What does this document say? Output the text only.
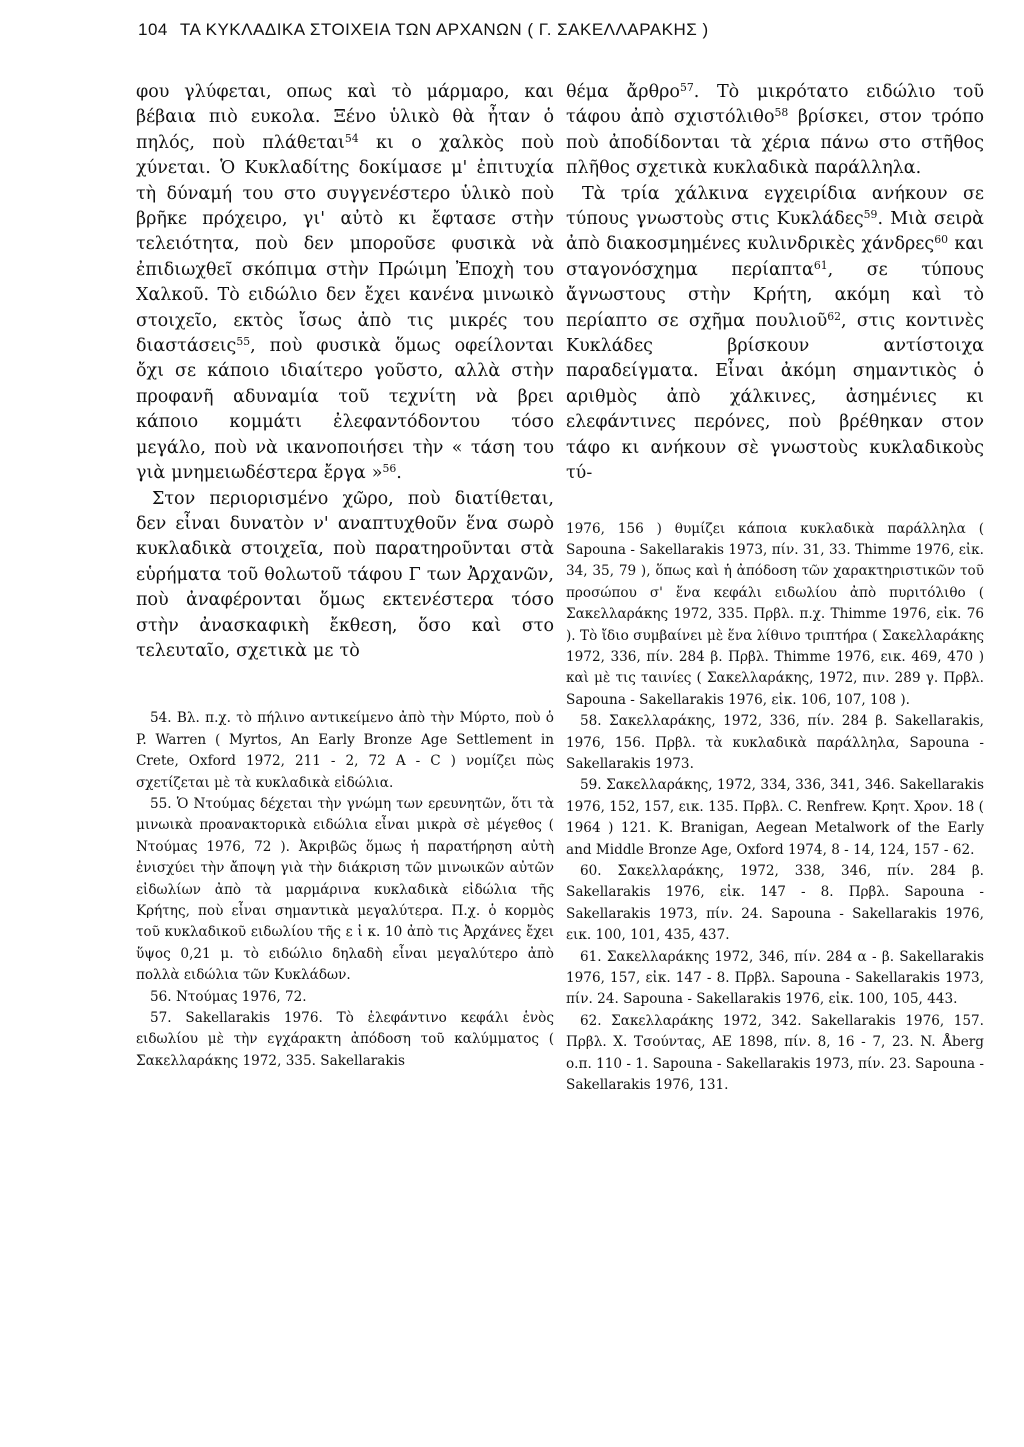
104 ΤΑ ΚΥΚΛΑΔΙΚΑ ΣΤΟΙΧΕΙΑ ΤΩΝ ΑΡΧΑΝΩΝ ( Γ. ΣΑΚΕΛΛΑΡΑΚΗΣ )

φου γλύφεται, οπως καὶ τὸ μάρμαρο, και βέβαια πιὸ ευκολα. Ξένο ὑλικὸ θὰ ἦταν ὁ πηλός, ποὺ πλάθεται$^{54}$ κι ο χαλκὸς ποὺ χύνεται. Ὁ Κυκλαδίτης δοκίμασε μ' ἐπιτυχία τὴ δύναμή του στο συγγενέστερο ὑλικὸ ποὺ βρῆκε πρόχειρο, γι' αὐτὸ κι ἔφτασε στὴν τελειότητα, ποὺ δεν μποροῦσε φυσικὰ νὰ ἐπιδιωχθεῖ σκόπιμα στὴν Πρώιμη Ἐποχὴ του Χαλκοῦ. Τὸ ειδώλιο δεν ἔχει κανένα μινωικὸ στοιχεῖο, εκτὸς ἴσως ἀπὸ τις μικρές του διαστάσεις$^{55}$, ποὺ φυσικὰ ὅμως οφείλονται ὄχι σε κάποιο ιδιαίτερο γοῦστο, αλλὰ στὴν προφανῆ αδυναμία τοῦ τεχνίτη νὰ βρει κάποιο κομμάτι ἐλεφαντόδοντου τόσο μεγάλο, ποὺ νὰ ικανοποιήσει τὴν « τάση του γιὰ μνημειωδέστερα ἔργα »$^{56}$.

Στον περιορισμένο χῶρο, ποὺ διατίθεται, δεν εἶναι δυνατὸν ν' αναπτυχθοῦν ἕνα σωρὸ κυκλαδικὰ στοιχεῖα, ποὺ παρατηροῦνται στὰ εὑρήματα τοῦ θολωτοῦ τάφου Γ των Ἀρχανῶν, ποὺ ἀναφέρονται ὅμως εκτενέστερα τόσο στὴν ἀνασκαφικὴ ἔκθεση, ὅσο καὶ στο τελευταῖο, σχετικὰ με τὸ

54. Βλ. π.χ. τὸ πήλινο αντικείμενο ἀπὸ τὴν Μύρτο, ποὺ ὁ P. Warren ( Myrtos, An Early Bronze Age Settlement in Crete, Oxford 1972, 211 - 2, 72 A - C ) νομίζει πὼς σχετίζεται μὲ τὰ κυκλαδικὰ εἰδώλια.

55. Ὁ Ντούμας δέχεται τὴν γνώμη των ερευνητῶν, ὅτι τὰ μινωικὰ προανακτορικὰ ειδώλια εἶναι μικρὰ σὲ μέγεθος ( Ντούμας 1976, 72 ). Ἀκριβῶς ὅμως ἡ παρατήρηση αὐτὴ ἐνισχύει τὴν ἄποψη γιὰ τὴν διάκριση τῶν μινωικῶν αὐτῶν εἰδωλίων ἀπὸ τὰ μαρμάρινα κυκλαδικὰ εἰδώλια τῆς Κρήτης, ποὺ εἶναι σημαντικὰ μεγαλύτερα. Π.χ. ὁ κορμὸς τοῦ κυκλαδικοῦ ειδωλίου τῆς ε ἰ κ. 10 ἀπὸ τις Ἀρχάνες ἔχει ὕψος 0,21 μ. τὸ ειδώλιο δηλαδὴ εἶναι μεγαλύτερο ἀπὸ πολλὰ ειδώλια τῶν Κυκλάδων.

56. Ντούμας 1976, 72.

57. Sakellarakis 1976. Τὸ ἐλεφάντινο κεφάλι ἑνὸς ειδωλίου μὲ τὴν εγχάρακτη ἀπόδοση τοῦ καλύμματος ( Σακελλαράκης 1972, 335. Sakellarakis

θέμα ἄρθρο$^{57}$. Τὸ μικρότατο ειδώλιο τοῦ τάφου ἀπὸ σχιστόλιθο$^{58}$ βρίσκει, στον τρόπο ποὺ ἀποδίδονται τὰ χέρια πάνω στο στῆθος πλῆθος σχετικὰ κυκλαδικὰ παράλληλα.

Τὰ τρία χάλκινα εγχειρίδια ανήκουν σε τύπους γνωστοὺς στις Κυκλάδες$^{59}$. Μιὰ σειρὰ ἀπὸ διακοσμημένες κυλινδρικὲς χάνδρες$^{60}$ και σταγονόσχημα περίαπτα$^{61}$, σε τύπους ἄγνωστους στὴν Κρήτη, ακόμη καὶ τὸ περίαπτο σε σχῆμα πουλιοῦ$^{62}$, στις κοντινὲς Κυκλάδες βρίσκουν αντίστοιχα παραδείγματα. Εἶναι ἀκόμη σημαντικὸς ὁ αριθμὸς ἀπὸ χάλκινες, ἀσημένιες κι ελεφάντινες περόνες, ποὺ βρέθηκαν στον τάφο κι ανήκουν σὲ γνωστοὺς κυκλαδικοὺς τύ-

1976, 156 ) θυμίζει κάποια κυκλαδικὰ παράλληλα ( Sapouna - Sakellarakis 1973, πίν. 31, 33. Thimme 1976, εἰκ. 34, 35, 79 ), ὅπως καὶ ἡ ἀπόδοση τῶν χαρακτηριστικῶν τοῦ προσώπου σ' ἕνα κεφάλι ειδωλίου ἀπὸ πυριτόλιθο ( Σακελλαράκης 1972, 335. Πρβλ. π.χ. Thimme 1976, εἰκ. 76 ). Τὸ ἴδιο συμβαίνει μὲ ἕνα λίθινο τριπτήρα ( Σακελλαράκης 1972, 336, πίν. 284 β. Πρβλ. Thimme 1976, εικ. 469, 470 ) καὶ μὲ τις ταινίες ( Σακελλαράκης, 1972, πιν. 289 γ. Πρβλ. Sapouna - Sakellarakis 1976, εἰκ. 106, 107, 108 ).

58. Σακελλαράκης, 1972, 336, πίν. 284 β. Sakellarakis, 1976, 156. Πρβλ. τὰ κυκλαδικὰ παράλληλα, Sapouna - Sakellarakis 1973.

59. Σακελλαράκης, 1972, 334, 336, 341, 346. Sakellarakis 1976, 152, 157, εικ. 135. Πρβλ. C. Renfrew. Κρητ. Χρον. 18 ( 1964 ) 121. K. Branigan, Aegean Metalwork of the Early and Middle Bronze Age, Oxford 1974, 8 - 14, 124, 157 - 62.

60. Σακελλαράκης, 1972, 338, 346, πίν. 284 β. Sakellarakis 1976, εἰκ. 147 - 8. Πρβλ. Sapouna - Sakellarakis 1973, πίν. 24. Sapouna - Sakellarakis 1976, εικ. 100, 101, 435, 437.

61. Σακελλαράκης 1972, 346, πίν. 284 α - β. Sakellarakis 1976, 157, εἰκ. 147 - 8. Πρβλ. Sapouna - Sakellarakis 1973, πίν. 24. Sapouna - Sakellarakis 1976, εἰκ. 100, 105, 443.

62. Σακελλαράκης 1972, 342. Sakellarakis 1976, 157. Πρβλ. X. Τσούντας, ΑΕ 1898, πίν. 8, 16 - 7, 23. N. Åberg ο.π. 110 - 1. Sapouna - Sakellarakis 1973, πίν. 23. Sapouna - Sakellarakis 1976, 131.
